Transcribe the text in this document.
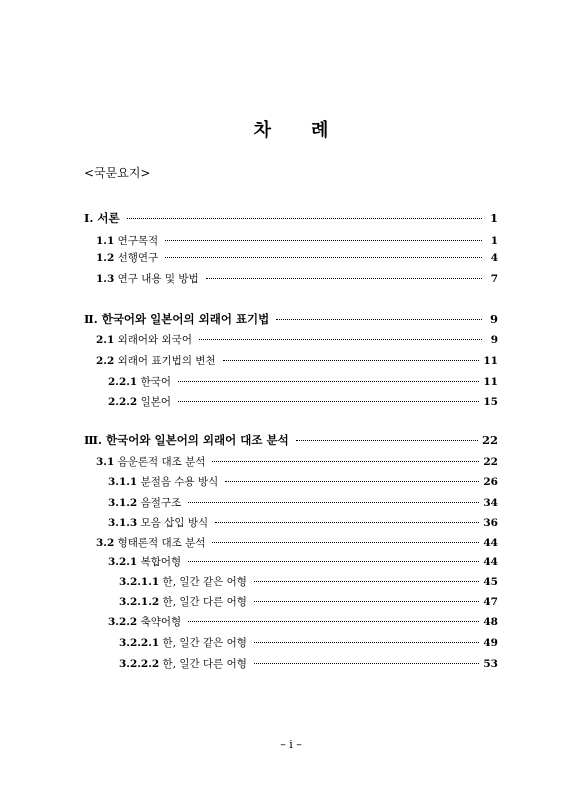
차 례
<국문요지>
Ⅰ. 서론	1
1.1 연구목적	1
1.2 선행연구	4
1.3 연구 내용 및 방법	7
Ⅱ. 한국어와 일본어의 외래어 표기법	9
2.1 외래어와 외국어	9
2.2 외래어 표기법의 변천	11
2.2.1 한국어	11
2.2.2 일본어	15
Ⅲ. 한국어와 일본어의 외래어 대조 분석	22
3.1 음운론적 대조 분석	22
3.1.1 분절음 수용 방식	26
3.1.2 음절구조	34
3.1.3 모음 삽입 방식	36
3.2 형태론적 대조 분석	44
3.2.1 복합어형	44
3.2.1.1 한, 일간 같은 어형	45
3.2.1.2 한, 일간 다른 어형	47
3.2.2 축약어형	48
3.2.2.1 한, 일간 같은 어형	49
3.2.2.2 한, 일간 다른 어형	53
– i –
